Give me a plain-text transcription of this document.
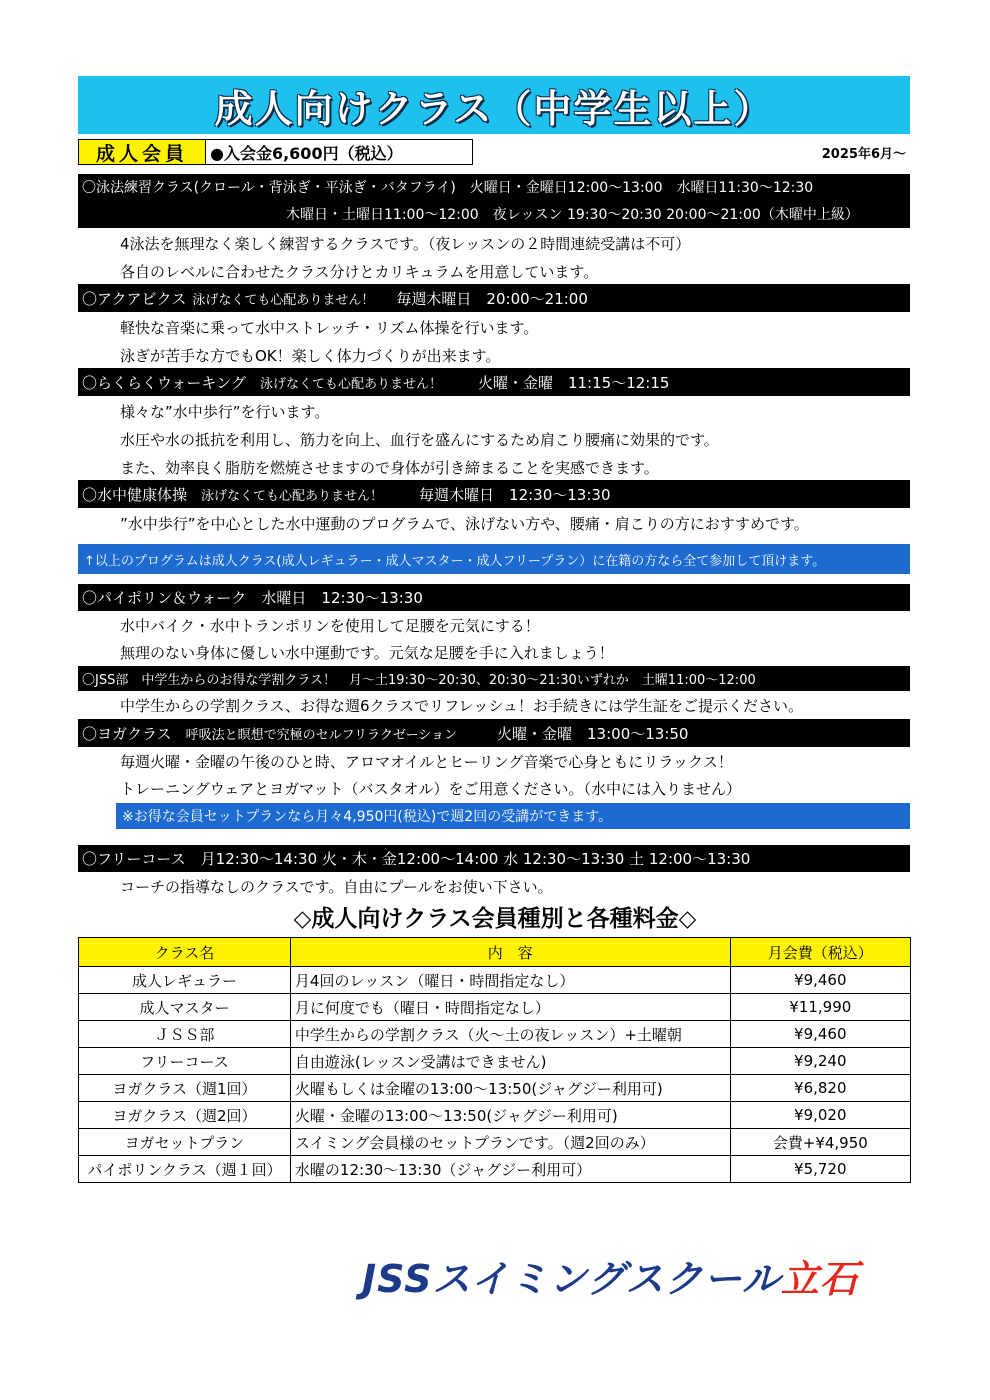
成人向けクラス（中学生以上）
成人会員	●入会金6,600円（税込）	2025年6月～
〇泳法練習クラス(クロール・背泳ぎ・平泳ぎ・バタフライ)　火曜日・金曜日12:00～13:00　水曜日11:30～12:30
木曜日・土曜日11:00～12:00　夜レッスン 19:30～20:30 20:00～21:00（木曜中上級）
4泳法を無理なく楽しく練習するクラスです。（夜レッスンの２時間連続受講は不可）
各自のレベルに合わせたクラス分けとカリキュラムを用意しています。
〇アクアビクス 泳げなくても心配ありません！ 毎週木曜日　20:00～21:00
軽快な音楽に乗って水中ストレッチ・リズム体操を行います。
泳ぎが苦手な方でもOK！楽しく体力づくりが出来ます。
〇らくらくウォーキング 泳げなくても心配ありません！ 火曜・金曜　11:15～12:15
様々な”水中歩行”を行います。
水圧や水の抵抗を利用し、筋力を向上、血行を盛んにするため肩こり腰痛に効果的です。
また、効率良く脂肪を燃焼させますので身体が引き締まることを実感できます。
〇水中健康体操 泳げなくても心配ありません！ 毎週木曜日　12:30～13:30
”水中歩行”を中心とした水中運動のプログラムで、泳げない方や、腰痛・肩こりの方におすすめです。
↑以上のプログラムは成人クラス(成人レギュラー・成人マスター・成人フリープラン）に在籍の方なら全て参加して頂けます。
〇パイポリン＆ウォーク　水曜日　12:30～13:30
水中バイク・水中トランポリンを使用して足腰を元気にする！
無理のない身体に優しい水中運動です。元気な足腰を手に入れましょう！
〇JSS部　中学生からのお得な学割クラス！　月～土19:30～20:30、20:30～21:30いずれか　土曜11:00～12:00
中学生からの学割クラス、お得な週6クラスでリフレッシュ！お手続きには学生証をご提示ください。
〇ヨガクラス 呼吸法と瞑想で究極のセルフリラクゼーション	火曜・金曜　13:00～13:50
毎週火曜・金曜の午後のひと時、アロマオイルとヒーリング音楽で心身ともにリラックス！
トレーニングウェアとヨガマット（バスタオル）をご用意ください。（水中には入りません）
※お得な会員セットプランなら月々4,950円(税込)で週2回の受講ができます。
〇フリーコース　月12:30～14:30 火・木・金12:00～14:00 水 12:30～13:30 土 12:00～13:30
コーチの指導なしのクラスです。自由にプールをお使い下さい。
◇成人向けクラス会員種別と各種料金◇
クラス名	内　容	月会費（税込）
成人レギュラー	月4回のレッスン（曜日・時間指定なし）	¥9,460
成人マスター	月に何度でも（曜日・時間指定なし）	¥11,990
ＪＳＳ部	中学生からの学割クラス（火～土の夜レッスン）+土曜朝	¥9,460
フリーコース	自由遊泳(レッスン受講はできません)	¥9,240
ヨガクラス（週1回）	火曜もしくは金曜の13:00～13:50(ジャグジー利用可)	¥6,820
ヨガクラス（週2回）	火曜・金曜の13:00～13:50(ジャグジー利用可)	¥9,020
ヨガセットプラン	スイミング会員様のセットプランです。（週2回のみ）	会費+¥4,950
パイポリンクラス（週１回）	水曜の12:30～13:30（ジャグジー利用可）	¥5,720
JSSスイミングスクール立石
